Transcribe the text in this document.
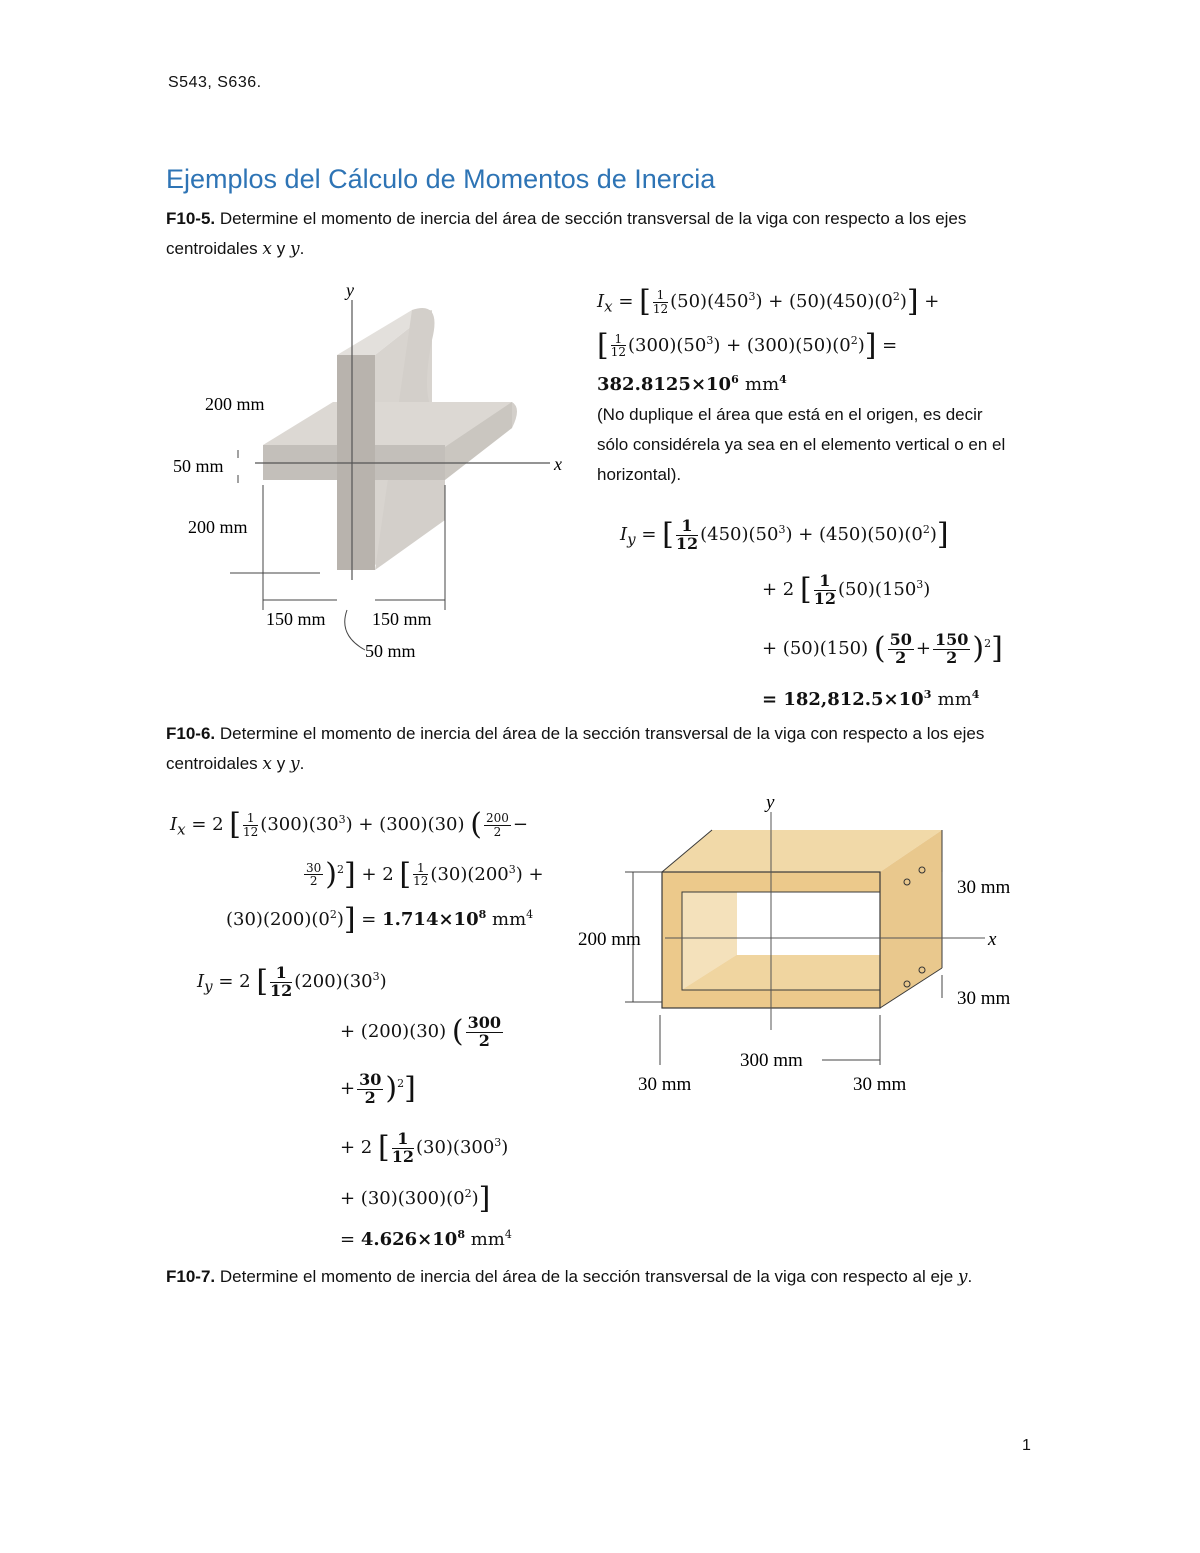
S543, S636.
Ejemplos del Cálculo de Momentos de Inercia
F10-5. Determine el momento de inercia del área de sección transversal de la viga con respecto a los ejes centroidales x y y.
y
x
200 mm
50 mm
200 mm
150 mm	150 mm
50 mm
$I_x$ = [ $\frac{1}{12} (50)(450^3) + (50)(450)(0^2)$] +
[ $\frac{1}{12} (300)(50^3) + (300)(50)(0^2)$] =
$382.8125\times 10^6$ $mm^4$
(No duplique el área que está en el origen, es decir sólo considérela ya sea en el elemento vertical o en el horizontal).
$I_y$ = [ $\frac{1}{12} (450)(50^3) + (450)(50)(0^2)$]
+ 2 [ $\frac{1}{12} (50)(150^3)$
+ (50)(150) ( $\frac{50}{2} + \frac{150}{2} )^2$]
= $182,812.5\times 10^3$ $mm^4$
F10-6. Determine el momento de inercia del área de la sección transversal de la viga con respecto a los ejes centroidales x y y.
$I_x = 2$ [ $\frac{1}{12} (300)(30^3) + (300)(30)$ ( $\frac{200}{2}$ −
$\frac{30}{2} )^2] + 2$ [ $\frac{1}{12} (30)(200^3)$ +
$(30)(200)(0^2)] = 1.714\times 10^8$ $mm^4$
$I_y = 2$ [ $\frac{1}{12} (200)(30^3)$
+ (200)(30) ( $\frac{300}{2}$
+ $\frac{30}{2} )^2$]
+ 2 [ $\frac{1}{12} (30)(300^3)$
+ $(30)(300)(0^2)$]
= $4.626\times 10^8$ $mm^4$
y
x
200 mm
30 mm
30 mm
300 mm
30 mm	30 mm
F10-7. Determine el momento de inercia del área de la sección transversal de la viga con respecto al eje y.
1
